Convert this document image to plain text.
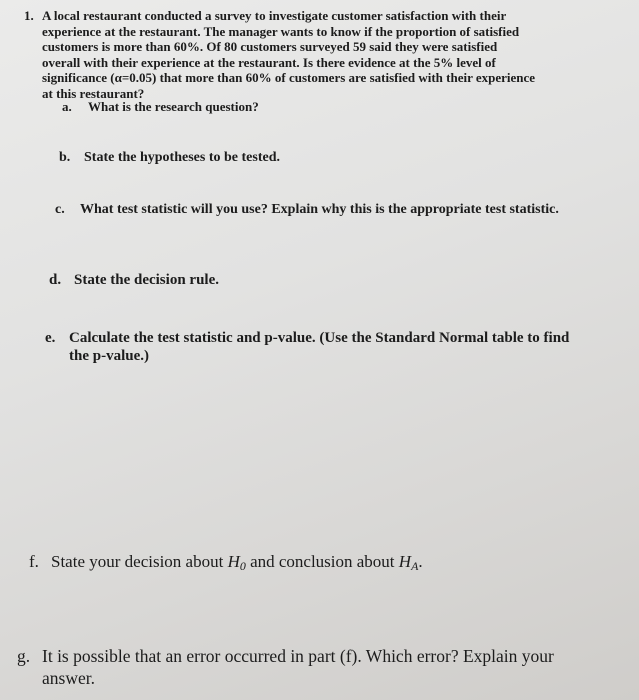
1. A local restaurant conducted a survey to investigate customer satisfaction with their
experience at the restaurant. The manager wants to know if the proportion of satisfied
customers is more than 60%. Of 80 customers surveyed 59 said they were satisfied
overall with their experience at the restaurant. Is there evidence at the 5% level of
significance (α=0.05) that more than 60% of customers are satisfied with their experience
at this restaurant?
a. What is the research question?
b. State the hypotheses to be tested.
c. What test statistic will you use? Explain why this is the appropriate test statistic.
d. State the decision rule.
e. Calculate the test statistic and p-value. (Use the Standard Normal table to find
the p-value.)
f. State your decision about $H_0$ and conclusion about $H_A$.
g. It is possible that an error occurred in part (f). Which error? Explain your
answer.
